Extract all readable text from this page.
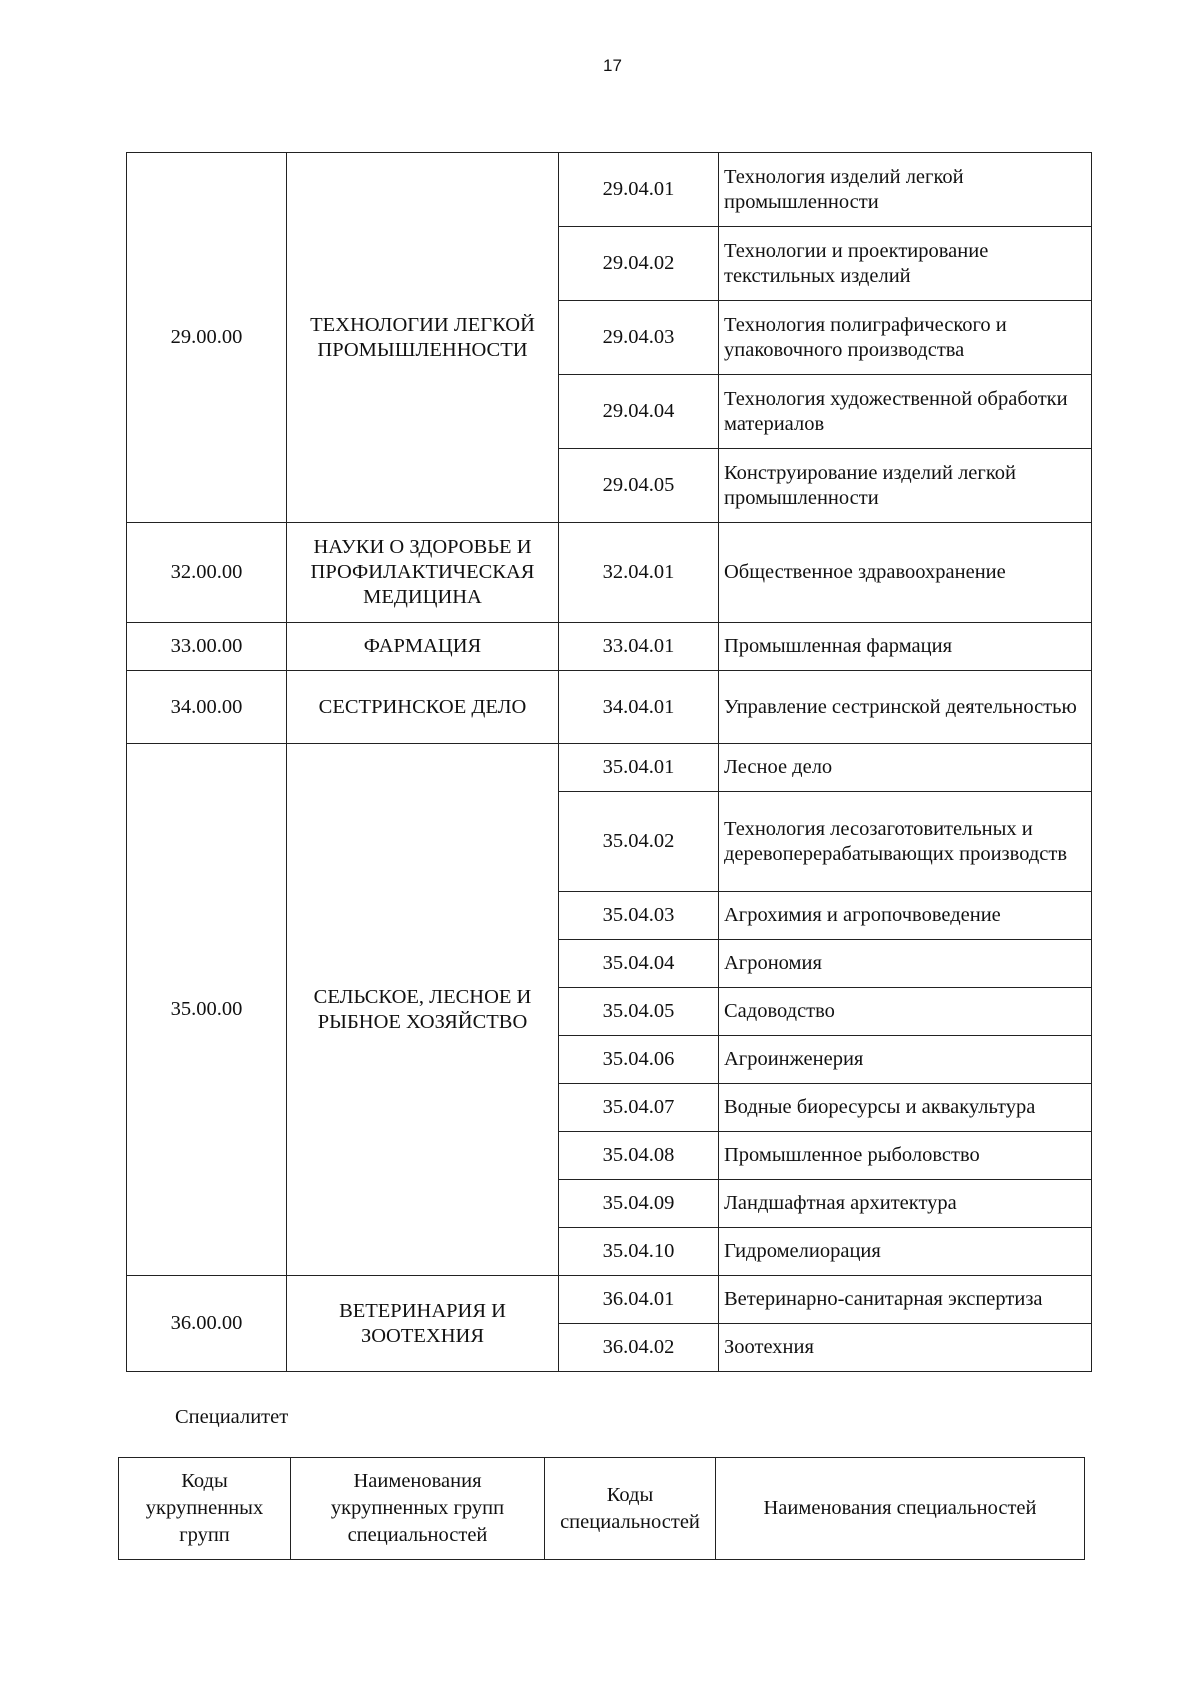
17
29.00.00	ТЕХНОЛОГИИ ЛЕГКОЙ ПРОМЫШЛЕННОСТИ	29.04.01	Технология изделий легкой промышленности
		29.04.02	Технологии и проектирование текстильных изделий
		29.04.03	Технология полиграфического и упаковочного производства
		29.04.04	Технология художественной обработки материалов
		29.04.05	Конструирование изделий легкой промышленности
32.00.00	НАУКИ О ЗДОРОВЬЕ И ПРОФИЛАКТИЧЕСКАЯ МЕДИЦИНА	32.04.01	Общественное здравоохранение
33.00.00	ФАРМАЦИЯ	33.04.01	Промышленная фармация
34.00.00	СЕСТРИНСКОЕ ДЕЛО	34.04.01	Управление сестринской деятельностью
35.00.00	СЕЛЬСКОЕ, ЛЕСНОЕ И РЫБНОЕ ХОЗЯЙСТВО	35.04.01	Лесное дело
		35.04.02	Технология лесозаготовительных и деревоперерабатывающих производств
		35.04.03	Агрохимия и агропочвоведение
		35.04.04	Агрономия
		35.04.05	Садоводство
		35.04.06	Агроинженерия
		35.04.07	Водные биоресурсы и аквакультура
		35.04.08	Промышленное рыболовство
		35.04.09	Ландшафтная архитектура
		35.04.10	Гидромелиорация
36.00.00	ВЕТЕРИНАРИЯ И ЗООТЕХНИЯ	36.04.01	Ветеринарно-санитарная экспертиза
		36.04.02	Зоотехния
Специалитет
Коды укрупненных групп	Наименования укрупненных групп специальностей	Коды специальностей	Наименования специальностей
